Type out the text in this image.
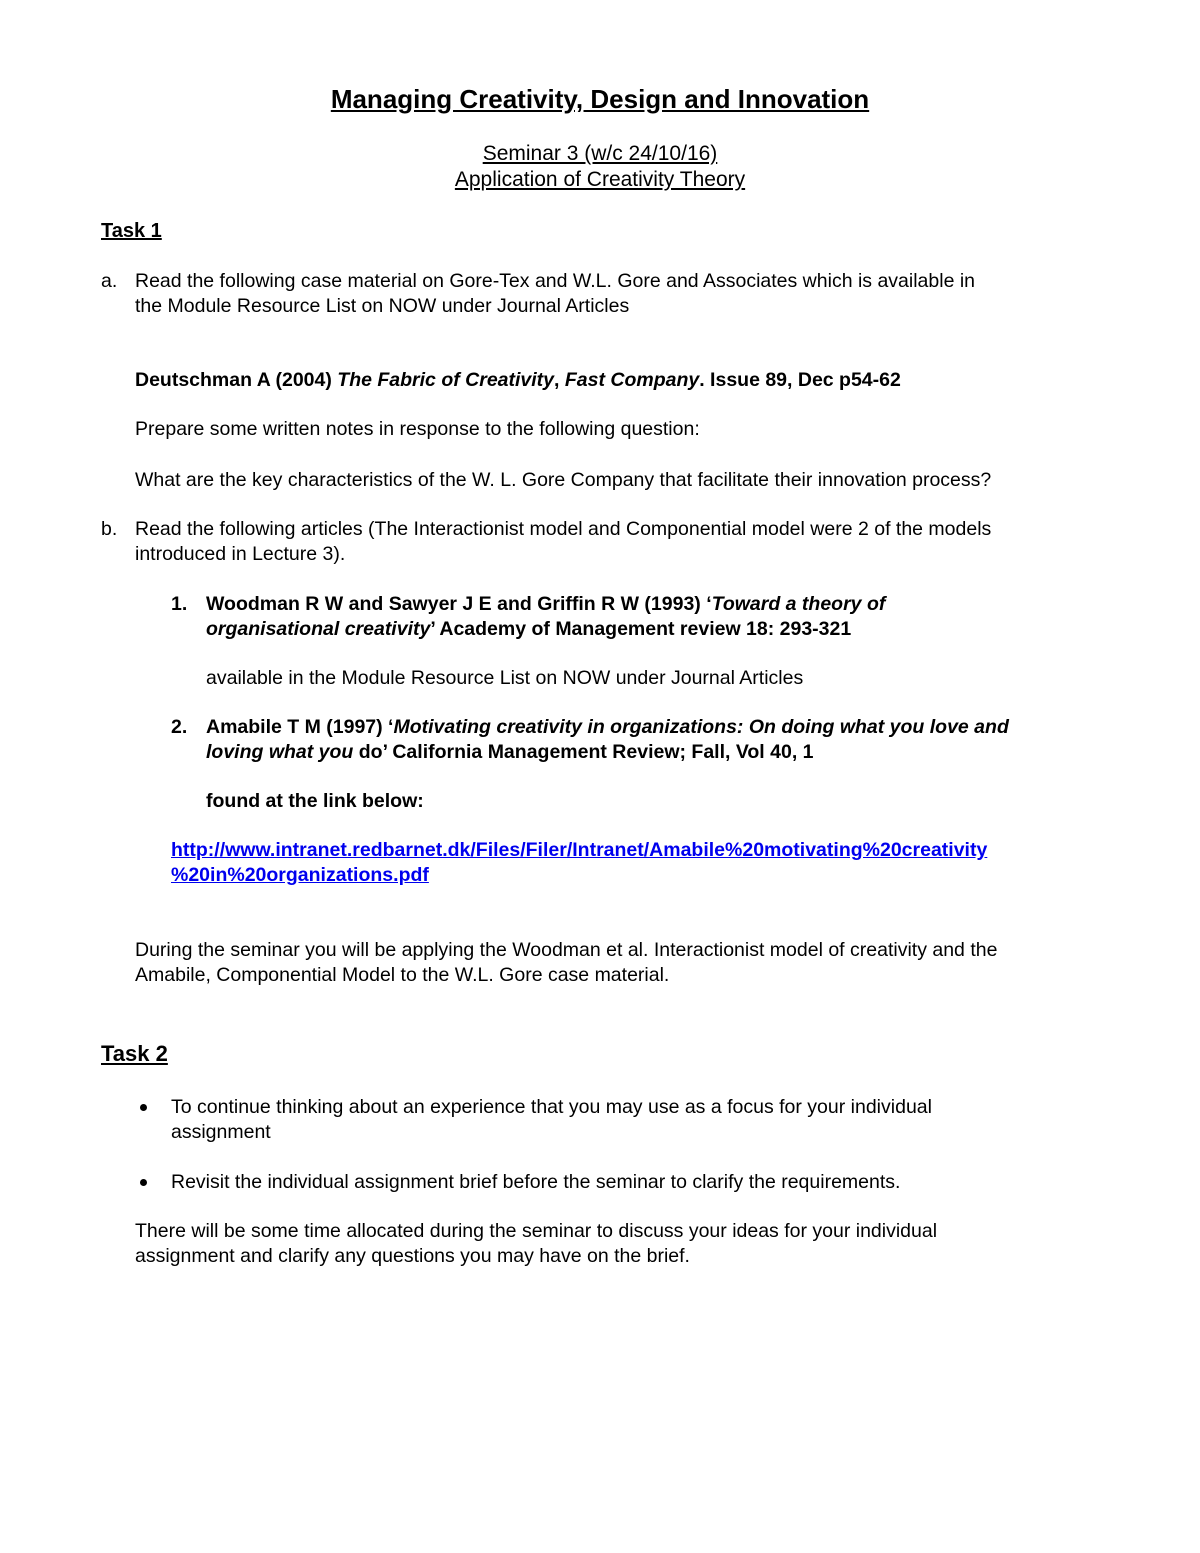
Managing Creativity, Design and Innovation
Seminar 3 (w/c 24/10/16)
Application of Creativity Theory
Task 1
a. Read the following case material on Gore-Tex and W.L. Gore and Associates which is available in
the Module Resource List on NOW under Journal Articles
Deutschman A (2004) The Fabric of Creativity, Fast Company. Issue 89, Dec p54-62
Prepare some written notes in response to the following question:
What are the key characteristics of the W. L. Gore Company that facilitate their innovation process?
b. Read the following articles (The Interactionist model and Componential model were 2 of the models
introduced in Lecture 3).
1. Woodman R W and Sawyer J E and Griffin R W (1993) ‘Toward a theory of
organisational creativity’ Academy of Management review 18: 293-321
available in the Module Resource List on NOW under Journal Articles
2. Amabile T M (1997) ‘Motivating creativity in organizations: On doing what you love and
loving what you do’ California Management Review; Fall, Vol 40, 1
found at the link below:
http://www.intranet.redbarnet.dk/Files/Filer/Intranet/Amabile%20motivating%20creativity
%20in%20organizations.pdf
During the seminar you will be applying the Woodman et al. Interactionist model of creativity and the
Amabile, Componential Model to the W.L. Gore case material.
Task 2
To continue thinking about an experience that you may use as a focus for your individual
assignment
Revisit the individual assignment brief before the seminar to clarify the requirements.
There will be some time allocated during the seminar to discuss your ideas for your individual
assignment and clarify any questions you may have on the brief.
